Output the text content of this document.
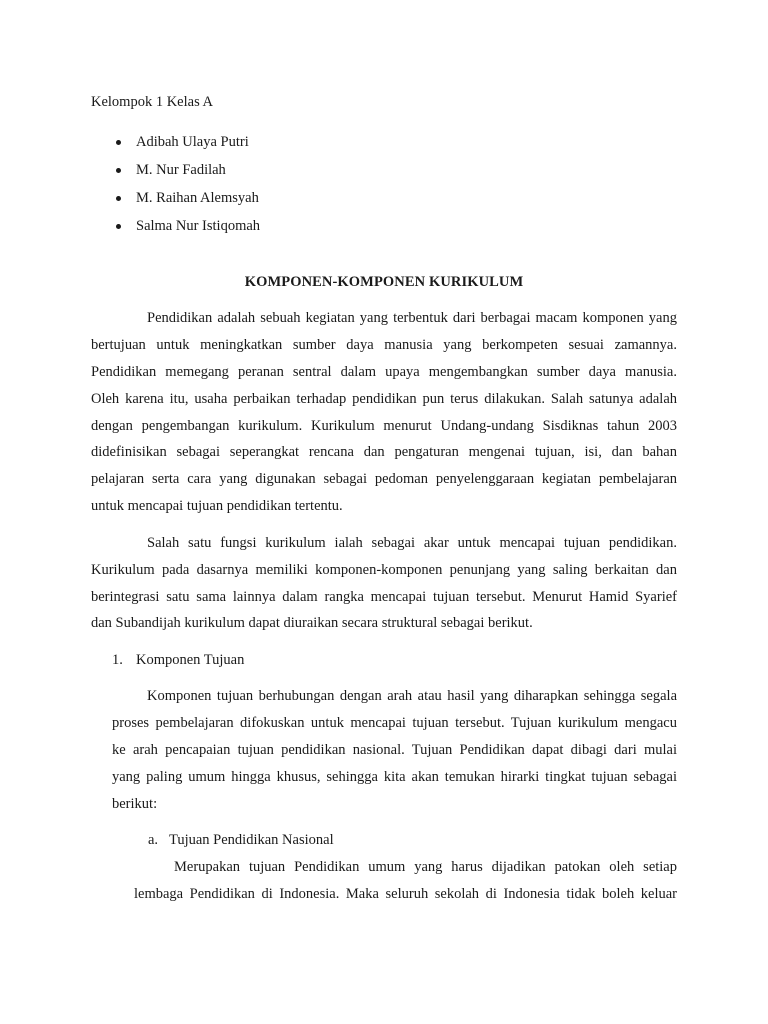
Kelompok 1 Kelas A
Adibah Ulaya Putri
M. Nur Fadilah
M. Raihan Alemsyah
Salma Nur Istiqomah
KOMPONEN-KOMPONEN KURIKULUM
Pendidikan adalah sebuah kegiatan yang terbentuk dari berbagai macam komponen yang
bertujuan untuk meningkatkan sumber daya manusia yang berkompeten sesuai zamannya.
Pendidikan memegang peranan sentral dalam upaya mengembangkan sumber daya manusia.
Oleh karena itu, usaha perbaikan terhadap pendidikan pun terus dilakukan. Salah satunya adalah
dengan pengembangan kurikulum. Kurikulum menurut Undang-undang Sisdiknas tahun 2003
didefinisikan sebagai seperangkat rencana dan pengaturan mengenai tujuan, isi, dan bahan
pelajaran serta cara yang digunakan sebagai pedoman penyelenggaraan kegiatan pembelajaran
untuk mencapai tujuan pendidikan tertentu.
Salah satu fungsi kurikulum ialah sebagai akar untuk mencapai tujuan pendidikan.
Kurikulum pada dasarnya memiliki komponen-komponen penunjang yang saling berkaitan dan
berintegrasi satu sama lainnya dalam rangka mencapai tujuan tersebut. Menurut Hamid Syarief
dan Subandijah kurikulum dapat diuraikan secara struktural sebagai berikut.
1. Komponen Tujuan
Komponen tujuan berhubungan dengan arah atau hasil yang diharapkan sehingga segala
proses pembelajaran difokuskan untuk mencapai tujuan tersebut. Tujuan kurikulum mengacu
ke arah pencapaian tujuan pendidikan nasional. Tujuan Pendidikan dapat dibagi dari mulai
yang paling umum hingga khusus, sehingga kita akan temukan hirarki tingkat tujuan sebagai
berikut:
a. Tujuan Pendidikan Nasional
Merupakan tujuan Pendidikan umum yang harus dijadikan patokan oleh setiap
lembaga Pendidikan di Indonesia. Maka seluruh sekolah di Indonesia tidak boleh keluar
